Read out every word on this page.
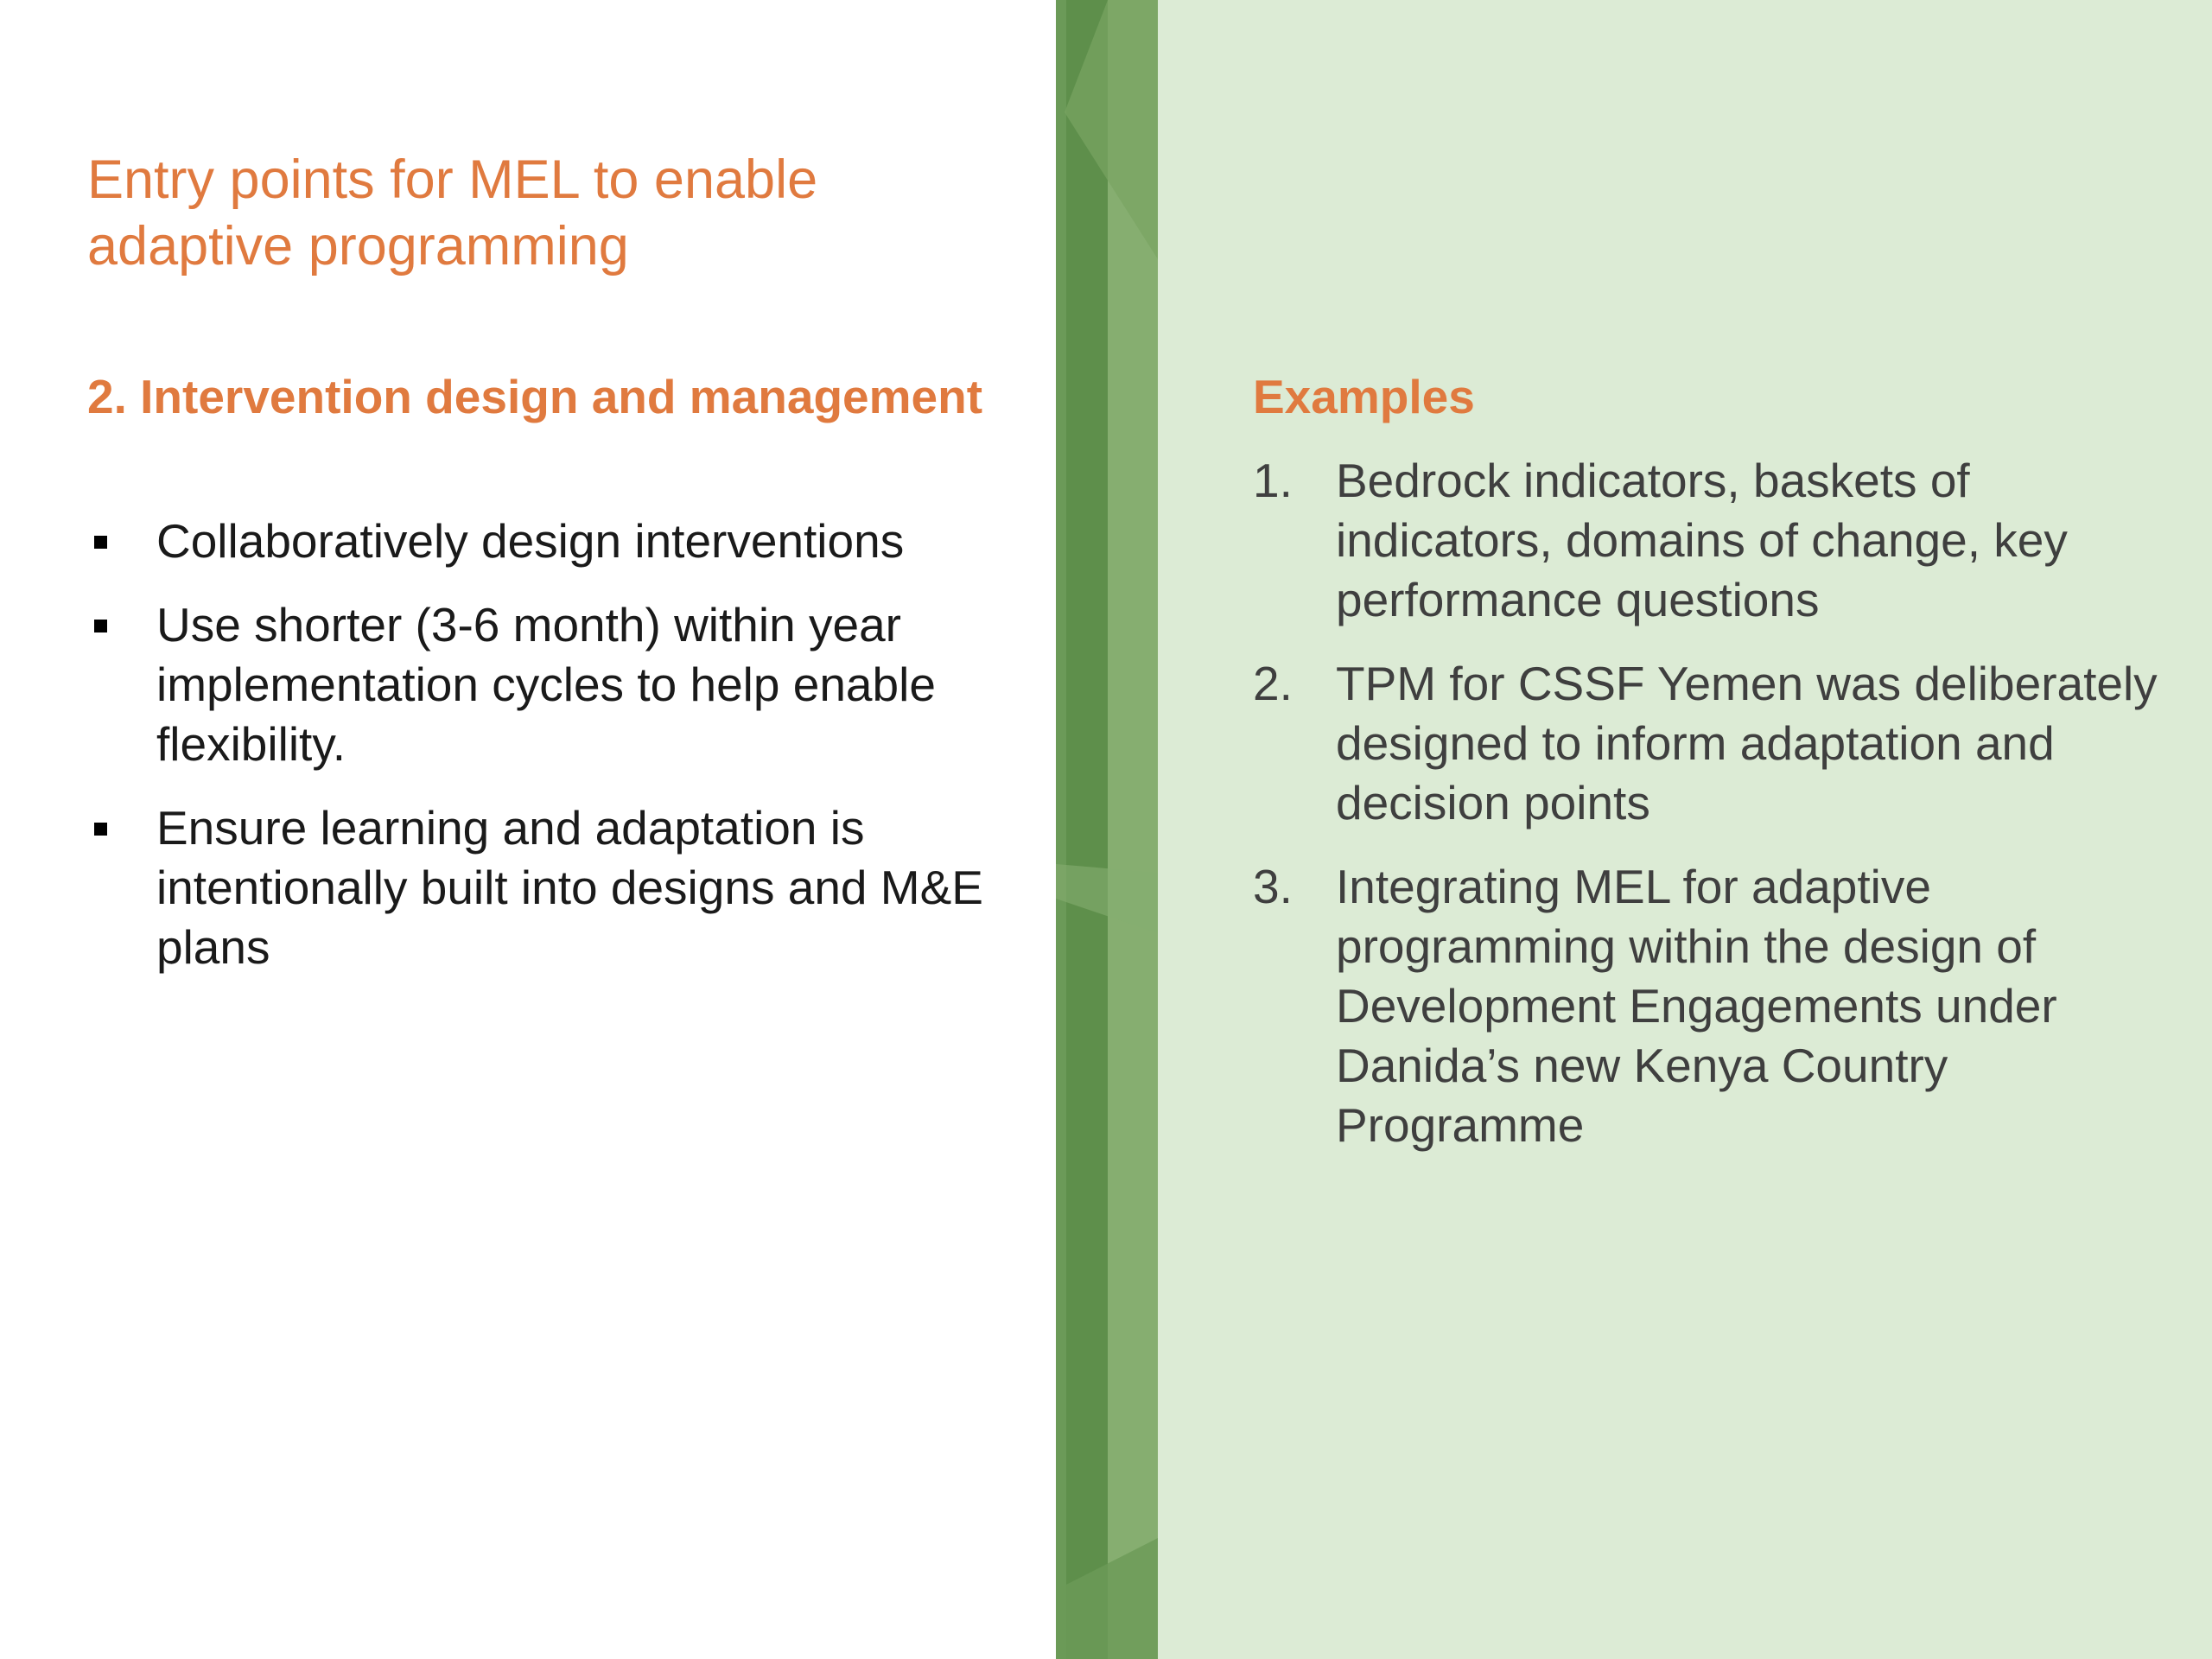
Entry points for MEL to enable adaptive programming
2. Intervention design and management
Collaboratively design interventions
Use shorter (3-6 month) within year implementation cycles to help enable flexibility.
Ensure learning and adaptation is intentionally built into designs and M&E plans
Examples
1. Bedrock indicators, baskets of indicators, domains of change, key performance questions
2. TPM for CSSF Yemen was deliberately designed to inform adaptation and decision points
3. Integrating MEL for adaptive programming within the design of Development Engagements under Danida’s new Kenya Country Programme
